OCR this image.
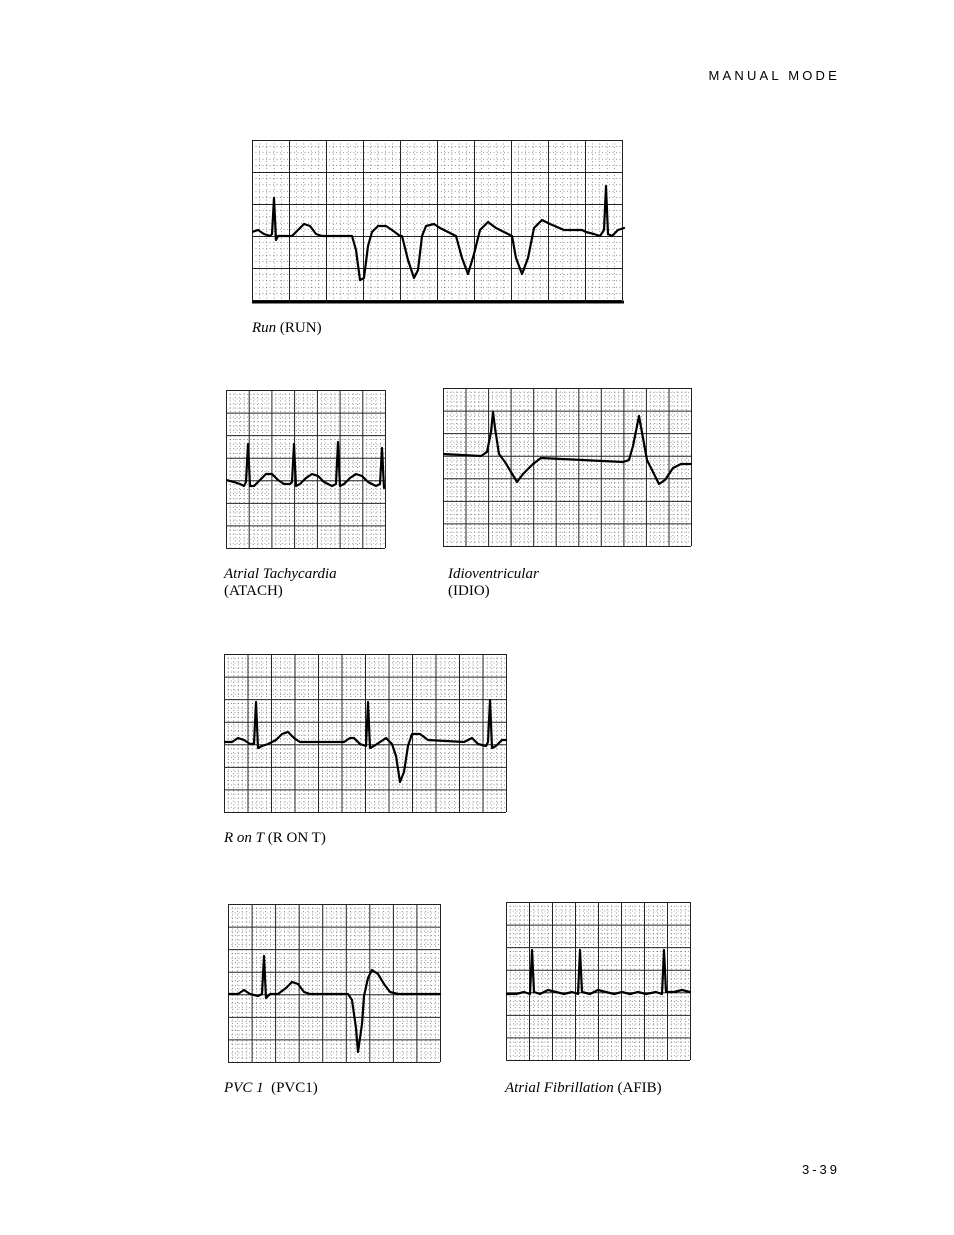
MANUAL MODE
Run (RUN)
Atrial Tachycardia
(ATACH)
Idioventricular
(IDIO)
R on T (R ON T)
PVC 1 (PVC1)	Atrial Fibrillation (AFIB)
3-39
